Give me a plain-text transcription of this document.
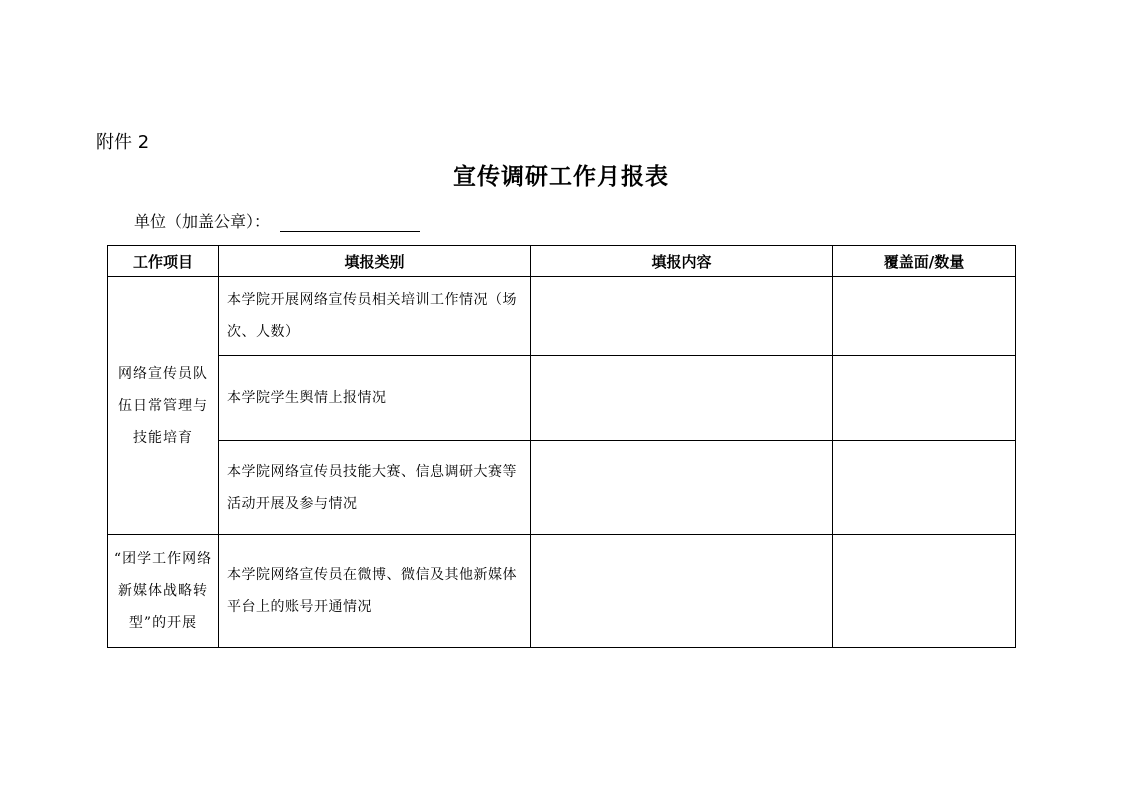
附件 2
宣传调研工作月报表
单位（加盖公章）：
工作项目	填报类别	填报内容	覆盖面/数量

网络宣传员队伍日常管理与技能培育	本学院开展网络宣传员相关培训工作情况（场次、人数）		

	本学院学生舆情上报情况		

	本学院网络宣传员技能大赛、信息调研大赛等活动开展及参与情况		

“团学工作网络新媒体战略转型”的开展	本学院网络宣传员在微博、微信及其他新媒体平台上的账号开通情况		
